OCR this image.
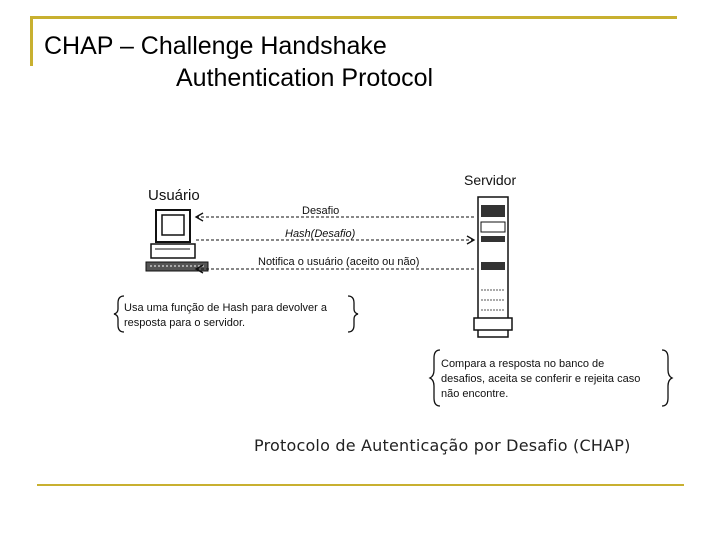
CHAP – Challenge Handshake
Authentication Protocol
Usuário
Servidor
Desafio
Hash(Desafio)
Notifica o usuário (aceito ou não)
Usa uma função de Hash para devolver a
resposta para o servidor.
Compara a resposta no banco de
desafios, aceita se conferir e rejeita caso
não encontre.
Protocolo de Autenticação por Desafio (CHAP)
